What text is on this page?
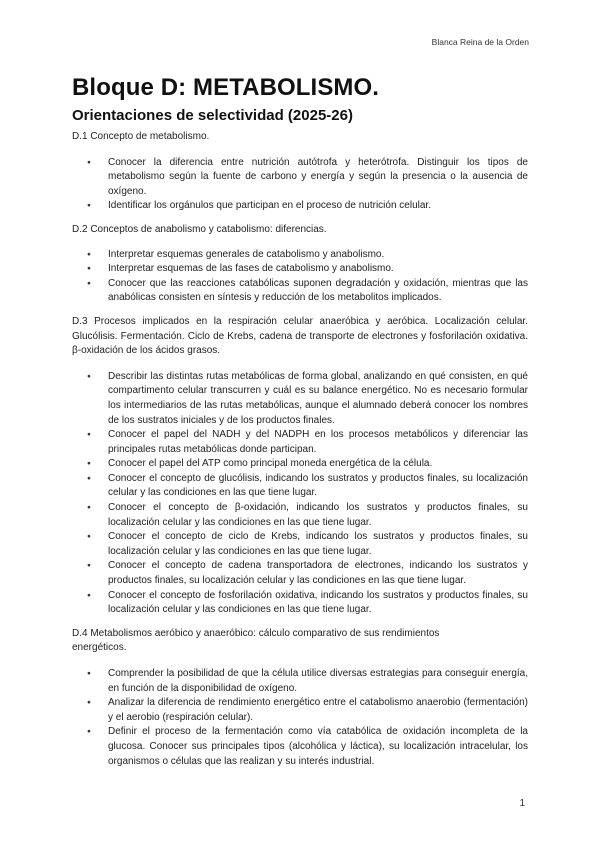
Blanca Reina de la Orden
Bloque D: METABOLISMO.
Orientaciones de selectividad (2025-26)

D.1 Concepto de metabolismo.

● Conocer la diferencia entre nutrición autótrofa y heterótrofa. Distinguir los tipos de metabolismo según la fuente de carbono y energía y según la presencia o la ausencia de oxígeno.
● Identificar los orgánulos que participan en el proceso de nutrición celular.

D.2 Conceptos de anabolismo y catabolismo: diferencias.

● Interpretar esquemas generales de catabolismo y anabolismo.
● Interpretar esquemas de las fases de catabolismo y anabolismo.
● Conocer que las reacciones catabólicas suponen degradación y oxidación, mientras que las anabólicas consisten en síntesis y reducción de los metabolitos implicados.

D.3 Procesos implicados en la respiración celular anaeróbica y aeróbica. Localización celular. Glucólisis. Fermentación. Ciclo de Krebs, cadena de transporte de electrones y fosforilación oxidativa. β-oxidación de los ácidos grasos.

● Describir las distintas rutas metabólicas de forma global, analizando en qué consisten, en qué compartimento celular transcurren y cuál es su balance energético. No es necesario formular los intermediarios de las rutas metabólicas, aunque el alumnado deberá conocer los nombres de los sustratos iniciales y de los productos finales.
● Conocer el papel del NADH y del NADPH en los procesos metabólicos y diferenciar las principales rutas metabólicas donde participan.
● Conocer el papel del ATP como principal moneda energética de la célula.
● Conocer el concepto de glucólisis, indicando los sustratos y productos finales, su localización celular y las condiciones en las que tiene lugar.
● Conocer el concepto de β-oxidación, indicando los sustratos y productos finales, su localización celular y las condiciones en las que tiene lugar.
● Conocer el concepto de ciclo de Krebs, indicando los sustratos y productos finales, su localización celular y las condiciones en las que tiene lugar.
● Conocer el concepto de cadena transportadora de electrones, indicando los sustratos y productos finales, su localización celular y las condiciones en las que tiene lugar.
● Conocer el concepto de fosforilación oxidativa, indicando los sustratos y productos finales, su localización celular y las condiciones en las que tiene lugar.

D.4 Metabolismos aeróbico y anaeróbico: cálculo comparativo de sus rendimientos energéticos.

● Comprender la posibilidad de que la célula utilice diversas estrategias para conseguir energía, en función de la disponibilidad de oxígeno.
● Analizar la diferencia de rendimiento energético entre el catabolismo anaerobio (fermentación) y el aerobio (respiración celular).
● Definir el proceso de la fermentación como vía catabólica de oxidación incompleta de la glucosa. Conocer sus principales tipos (alcohólica y láctica), su localización intracelular, los organismos o células que las realizan y su interés industrial.
1
